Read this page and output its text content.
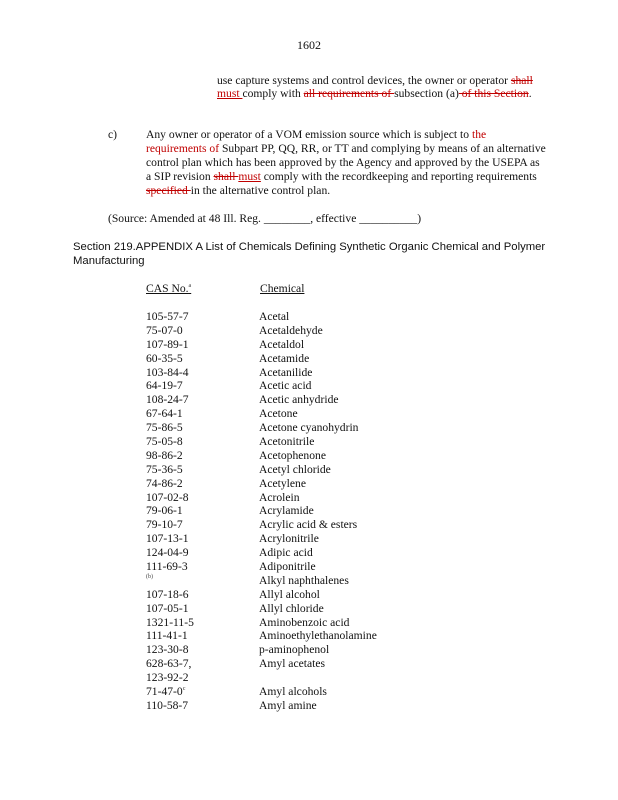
1602
use capture systems and control devices, the owner or operator shall must comply with all requirements of subsection (a) of this Section.
c) Any owner or operator of a VOM emission source which is subject to the requirements of Subpart PP, QQ, RR, or TT and complying by means of an alternative control plan which has been approved by the Agency and approved by the USEPA as a SIP revision shall must comply with the recordkeeping and reporting requirements specified in the alternative control plan.
(Source: Amended at 48 Ill. Reg. ________, effective __________)
Section 219.APPENDIX A List of Chemicals Defining Synthetic Organic Chemical and Polymer Manufacturing
CAS No.$^a$	Chemical
105-57-7	Acetal
75-07-0	Acetaldehyde
107-89-1	Acetaldol
60-35-5	Acetamide
103-84-4	Acetanilide
64-19-7	Acetic acid
108-24-7	Acetic anhydride
67-64-1	Acetone
75-86-5	Acetone cyanohydrin
75-05-8	Acetonitrile
98-86-2	Acetophenone
75-36-5	Acetyl chloride
74-86-2	Acetylene
107-02-8	Acrolein
79-06-1	Acrylamide
79-10-7	Acrylic acid & esters
107-13-1	Acrylonitrile
124-04-9	Adipic acid
111-69-3	Adiponitrile
$^{(b)}$	Alkyl naphthalenes
107-18-6	Allyl alcohol
107-05-1	Allyl chloride
1321-11-5	Aminobenzoic acid
111-41-1	Aminoethylethanolamine
123-30-8	p-aminophenol
628-63-7,	Amyl acetates
123-92-2
71-47-0$^c$	Amyl alcohols
110-58-7	Amyl amine
